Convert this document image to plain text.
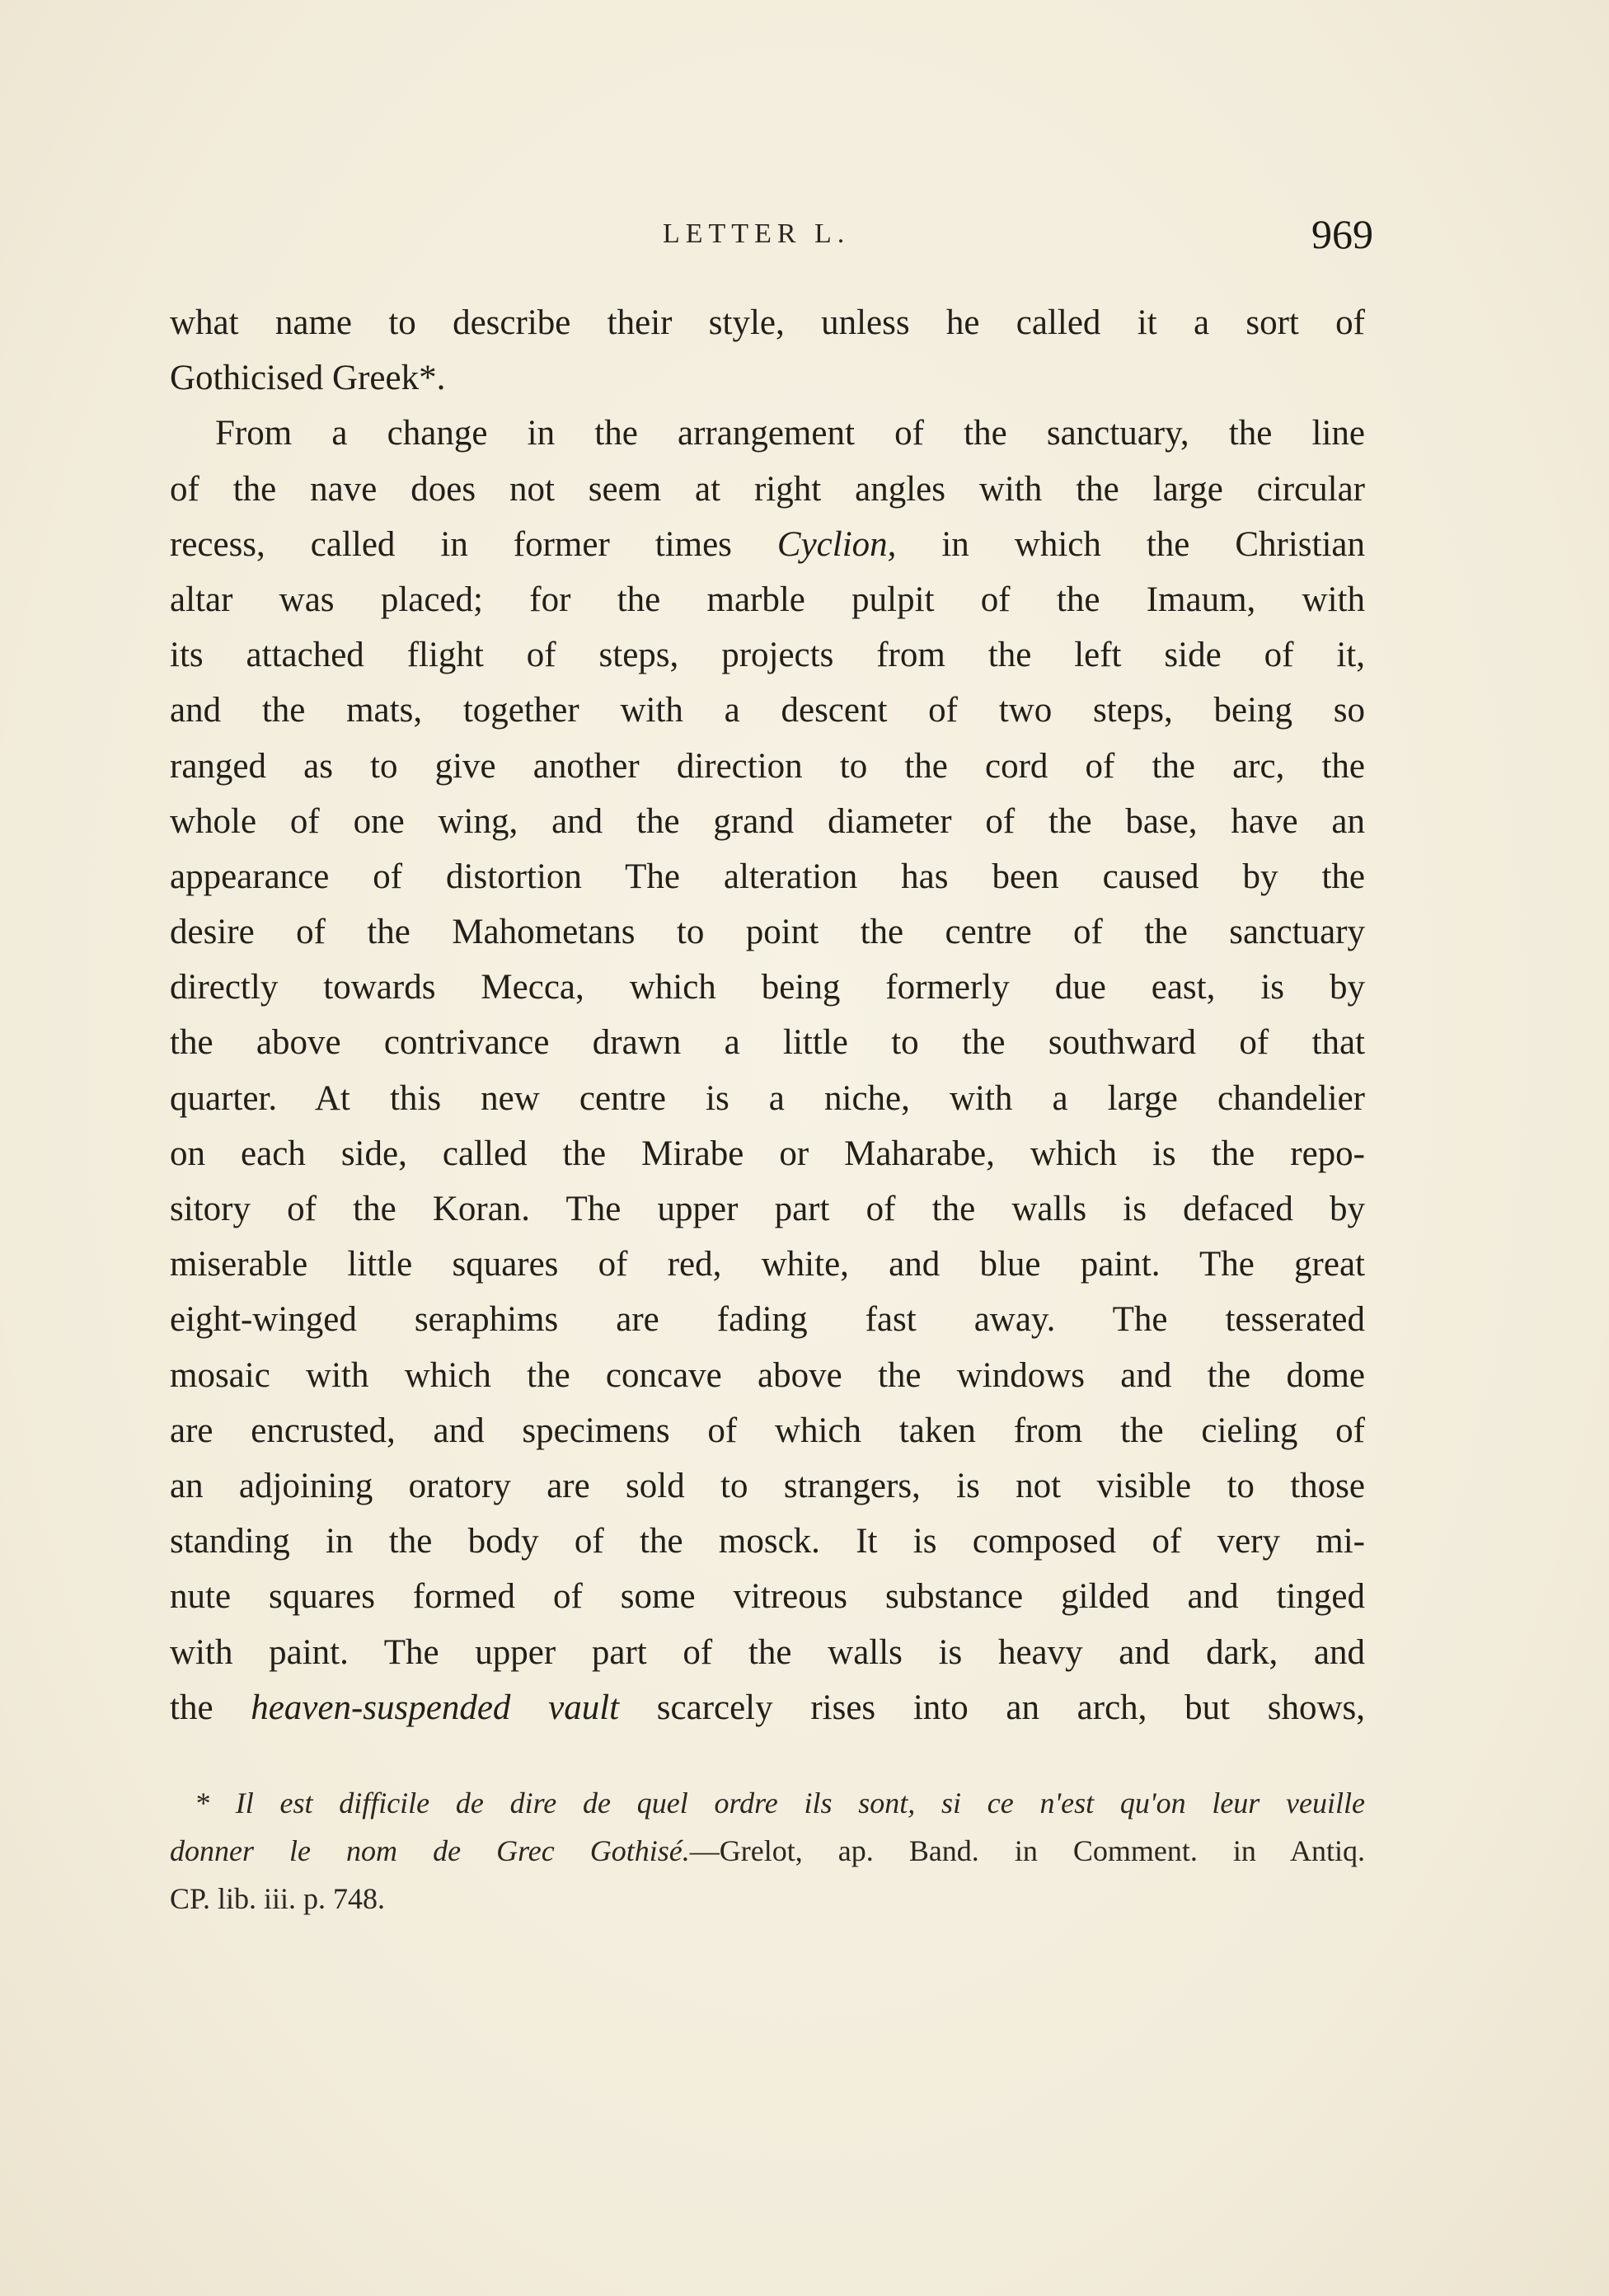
LETTER L.	969
what name to describe their style, unless he called it a sort of
Gothicised Greek*.
From a change in the arrangement of the sanctuary, the line
of the nave does not seem at right angles with the large circular
recess, called in former times Cyclion, in which the Christian
altar was placed; for the marble pulpit of the Imaum, with
its attached flight of steps, projects from the left side of it,
and the mats, together with a descent of two steps, being so
ranged as to give another direction to the cord of the arc, the
whole of one wing, and the grand diameter of the base, have an
appearance of distortion The alteration has been caused by the
desire of the Mahometans to point the centre of the sanctuary
directly towards Mecca, which being formerly due east, is by
the above contrivance drawn a little to the southward of that
quarter. At this new centre is a niche, with a large chandelier
on each side, called the Mirabe or Maharabe, which is the repo-
sitory of the Koran. The upper part of the walls is defaced by
miserable little squares of red, white, and blue paint. The great
eight-winged seraphims are fading fast away. The tesserated
mosaic with which the concave above the windows and the dome
are encrusted, and specimens of which taken from the cieling of
an adjoining oratory are sold to strangers, is not visible to those
standing in the body of the mosck. It is composed of very mi-
nute squares formed of some vitreous substance gilded and tinged
with paint. The upper part of the walls is heavy and dark, and
the heaven-suspended vault scarcely rises into an arch, but shows,
* Il est difficile de dire de quel ordre ils sont, si ce n'est qu'on leur veuille
donner le nom de Grec Gothisé.—Grelot, ap. Band. in Comment. in Antiq.
CP. lib. iii. p. 748.
